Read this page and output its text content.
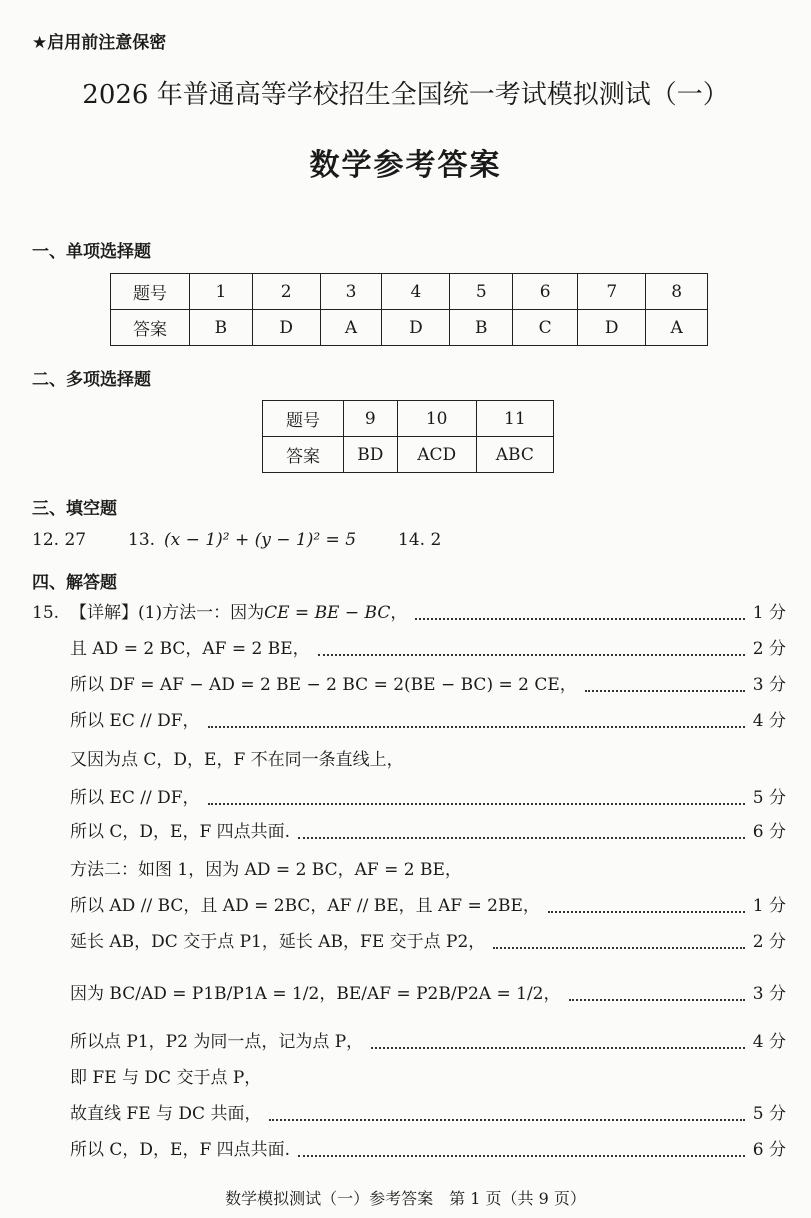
★启用前注意保密
2026 年普通高等学校招生全国统一考试模拟测试（一）
数学参考答案
一、单项选择题
题号	1	2	3	4	5	6	7	8
答案	B	D	A	D	B	C	D	A
二、多项选择题
题号	9	10	11
答案	BD	ACD	ABC
三、填空题
12. 27 13. (x − 1)² + (y − 1)² = 5 14. 2
四、解答题
15. 【详解】(1)方法一：因为 CE = BE − BC ，	1 分
且 AD = 2 BC，AF = 2 BE，	2 分
所以 DF = AF − AD = 2 BE − 2 BC = 2(BE − BC) = 2 CE，	3 分
所以 EC // DF，	4 分
又因为点 C，D，E，F 不在同一条直线上，
所以 EC // DF，	5 分
所以 C，D，E，F 四点共面.	6 分
方法二：如图 1，因为 AD = 2 BC，AF = 2 BE，
所以 AD // BC，且 AD = 2BC，AF // BE，且 AF = 2BE，	1 分
延长 AB，DC 交于点 P1，延长 AB，FE 交于点 P2，	2 分
因为 BC/AD = P1B/P1A = 1/2，BE/AF = P2B/P2A = 1/2，	3 分
所以点 P1，P2 为同一点，记为点 P，	4 分
即 FE 与 DC 交于点 P，
故直线 FE 与 DC 共面，	5 分
所以 C，D，E，F 四点共面.	6 分
数学模拟测试（一）参考答案　第 1 页（共 9 页）
